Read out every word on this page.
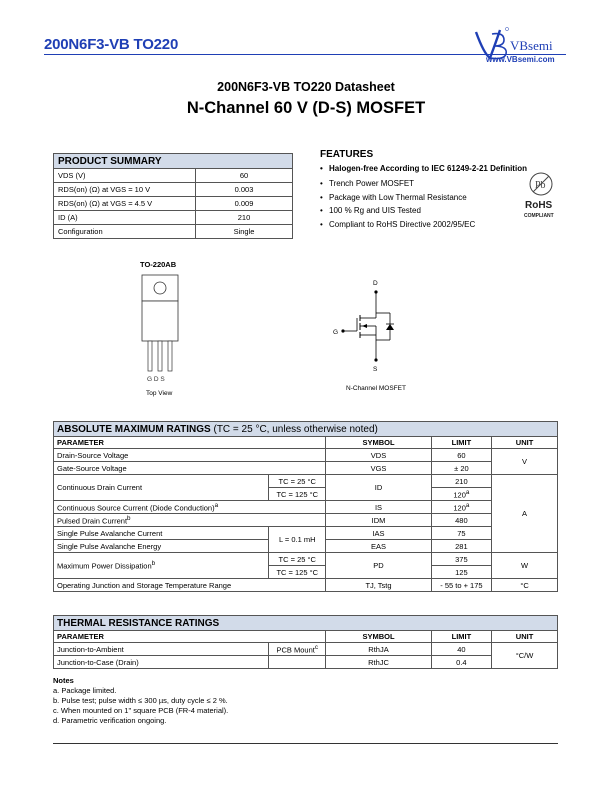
200N6F3-VB TO220	VBsemi
www.VBsemi.com
200N6F3-VB TO220 Datasheet
N-Channel 60 V (D-S) MOSFET
PRODUCT SUMMARY	
VDS (V)	60
RDS(on) (Ω) at VGS = 10 V	0.003
RDS(on) (Ω) at VGS = 4.5 V	0.009
ID (A)	210
Configuration	Single
FEATURES
• Halogen-free According to IEC 61249-2-21 Definition
• Trench Power MOSFET
• Package with Low Thermal Resistance
• 100 % Rg and UIS Tested
• Compliant to RoHS Directive 2002/95/EC
Pb
RoHS
COMPLIANT
TO-220AB
G D S
Top View
D
G
S
N-Channel MOSFET
ABSOLUTE MAXIMUM RATINGS (TC = 25 °C, unless otherwise noted)				
PARAMETER		SYMBOL	LIMIT	UNIT
Drain-Source Voltage		VDS	60	V
Gate-Source Voltage		VGS	± 20	
Continuous Drain Current	TC = 25 °C	ID	210	A
	TC = 125 °C		120$^a$
Continuous Source Current (Diode Conduction)$^a$		IS	120$^a$
Pulsed Drain Current$^b$		IDM	480	
Single Pulse Avalanche Current	L = 0.1 mH	IAS	75	
Single Pulse Avalanche Energy		EAS	281	
Maximum Power Dissipation$^b$	TC = 25 °C	PD	375	W
	TC = 125 °C		125	
Operating Junction and Storage Temperature Range		TJ, Tstg	- 55 to + 175	°C
THERMAL RESISTANCE RATINGS				
PARAMETER		SYMBOL	LIMIT	UNIT
Junction-to-Ambient	PCB Mount$^c$	RthJA	40	°C/W
Junction-to-Case (Drain)		RthJC	0.4	
Notes
a. Package limited.
b. Pulse test; pulse width ≤ 300 µs, duty cycle ≤ 2 %.
c. When mounted on 1" square PCB (FR-4 material).
d. Parametric verification ongoing.
